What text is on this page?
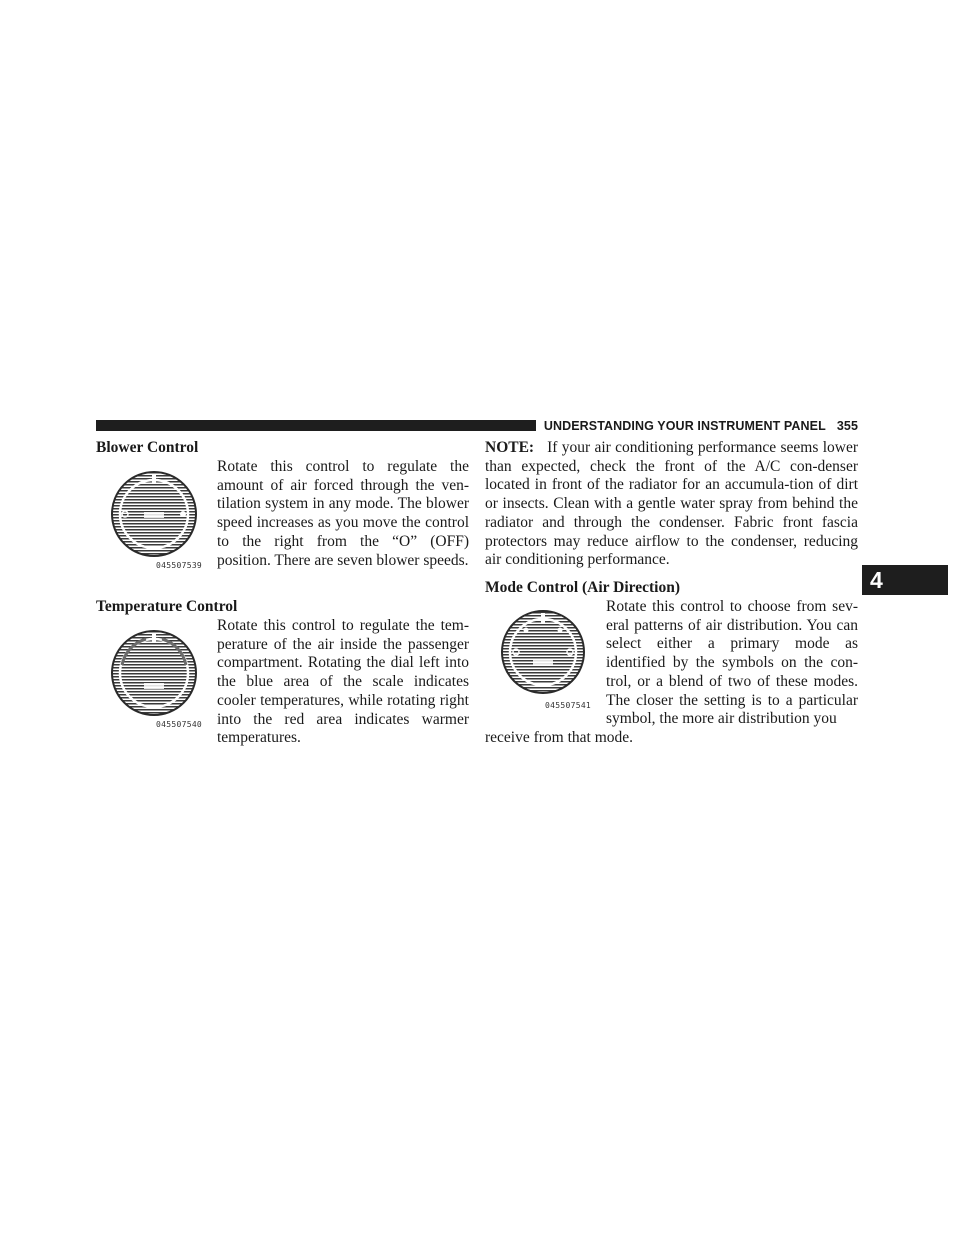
UNDERSTANDING YOUR INSTRUMENT PANEL 355
4
Blower Control
045507539

Rotate this control to regulate the amount of air forced through the ven-tilation system in any mode. The blower speed increases as you move the control to the right from the “O” (OFF) position. There are seven blower speeds.

Temperature Control
045507540

Rotate this control to regulate the tem-perature of the air inside the passenger compartment. Rotating the dial left into the blue area of the scale indicates cooler temperatures, while rotating right into the red area indicates warmer temperatures.

NOTE: If your air conditioning performance seems lower than expected, check the front of the A/C con-denser located in front of the radiator for an accumula-tion of dirt or insects. Clean with a gentle water spray from behind the radiator and through the condenser. Fabric front fascia protectors may reduce airflow to the condenser, reducing air conditioning performance.

Mode Control (Air Direction)
045507541

Rotate this control to choose from sev-eral patterns of air distribution. You can select either a primary mode as identified by the symbols on the con-trol, or a blend of two of these modes. The closer the setting is to a particular symbol, the more air distribution you

receive from that mode.
